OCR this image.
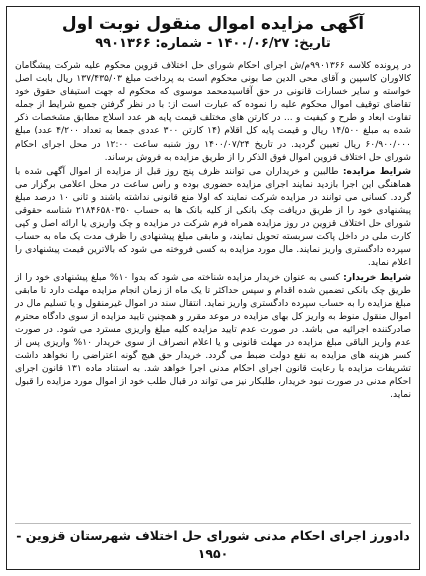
آگهی مزایده اموال منقول نوبت اول
تاریخ: ۱۴۰۰/۰۶/۲۷ - شماره: ۹۹۰۱۳۶۶

در پرونده کلاسه ۹۹۰۱۳۶۶م/ش اجرای احکام شورای حل اختلاف قزوین محکوم علیه شرکت پیشگامان کالاوران کاسپین و آقای محی الدین صا بونی محکوم است به پرداخت مبلغ ۱۳۷/۴۳۵/۰۳ ریال بابت اصل خواسته و سایر خسارات قانونی در حق آقاسیدمحمد موسوی که محکوم له جهت استیفای حقوق خود تقاضای توقیف اموال محکوم علیه را نموده که عبارت است از: با در نظر گرفتن جمیع شرایط از جمله تفاوت ابعاد و طرح و کیفیت و ... در کارتن های مختلف قیمت پایه هر عدد اسلاج مطابق مشخصات ذکر شده به مبلغ ۱۴/۵۰۰ ریال و قیمت پایه کل اقلام (۱۴ کارتن ۳۰۰ عددی جمعا به تعداد ۴/۲۰۰ عدد) مبلغ ۶۰/۹۰۰/۰۰۰ ریال تعیین گردید. در تاریخ ۱۴۰۰/۰۷/۲۴ روز شنبه ساعت ۱۲:۰۰ در محل اجرای احکام شورای حل اختلاف قزوین اموال فوق الذکر را از طریق مزایده به فروش برساند.

شرایط مزایده: طالبین و خریداران می توانند ظرف پنج روز قبل از مزایده از اموال آگهی شده با هماهنگی این اجرا بازدید نمایند اجرای مزایده حضوری بوده و راس ساعت در محل اعلامی برگزار می گردد. کسانی می توانند در مزایده شرکت نمایند که اولا منع قانونی نداشته باشند و ثانی ۱۰ درصد مبلغ پیشنهادی خود را از طریق دریافت چک بانکی از کلیه بانک ها به حساب ۲۱۸۴۶۵۸۰۳۵۰ شناسه حقوقی شورای حل اختلاف قزوین در روز مزایده همراه فرم شرکت در مزایده و چک واریزی یا ارائه اصل و کپی کارت ملی در داخل پاکت سربسته تحویل نمایند، و مابقی مبلغ پیشنهادی را ظرف مدت یک ماه به حساب سپرده دادگستری واریز نمایند. مال مورد مزایده به کسی فروخته می شود که بالاترین قیمت پیشنهادی را اعلام نماید.

شرایط خریدار: کسی به عنوان خریدار مزایده شناخته می شود که بدوا ۱۰% مبلغ پیشنهادی خود را از طریق چک بانکی تضمین شده اقدام و سپس حداکثر تا یک ماه از زمان انجام مزایده مهلت دارد تا مابقی مبلغ مزایده را به حساب سپرده دادگستری واریز نماید. انتقال سند در اموال غیرمنقول و یا تسلیم مال در اموال منقول منوط به واریز کل بهای مزایده در موعد مقرر و همچنین تایید مزایده از سوی دادگاه محترم صادرکننده اجرائیه می باشد. در صورت عدم تایید مزایده کلیه مبلغ واریزی مسترد می شود. در صورت عدم واریز الباقی مبلغ مزایده در مهلت قانونی و یا اعلام انصراف از سوی خریدار ۱۰% واریزی پس از کسر هزینه های مزایده به نفع دولت ضبط می گردد. خریدار حق هیچ گونه اعتراضی را نخواهد داشت تشریفات مزایده با رعایت قانون اجرای احکام مدنی اجرا خواهد شد. به استناد ماده ۱۳۱ قانون اجرای احکام مدنی در صورت نبود خریدار، طلبکار نیز می تواند در قبال طلب خود از اموال مورد مزایده را قبول نماید.

دادورز اجرای احکام مدنی شورای حل اختلاف شهرستان قزوین - ۱۹۵۰
